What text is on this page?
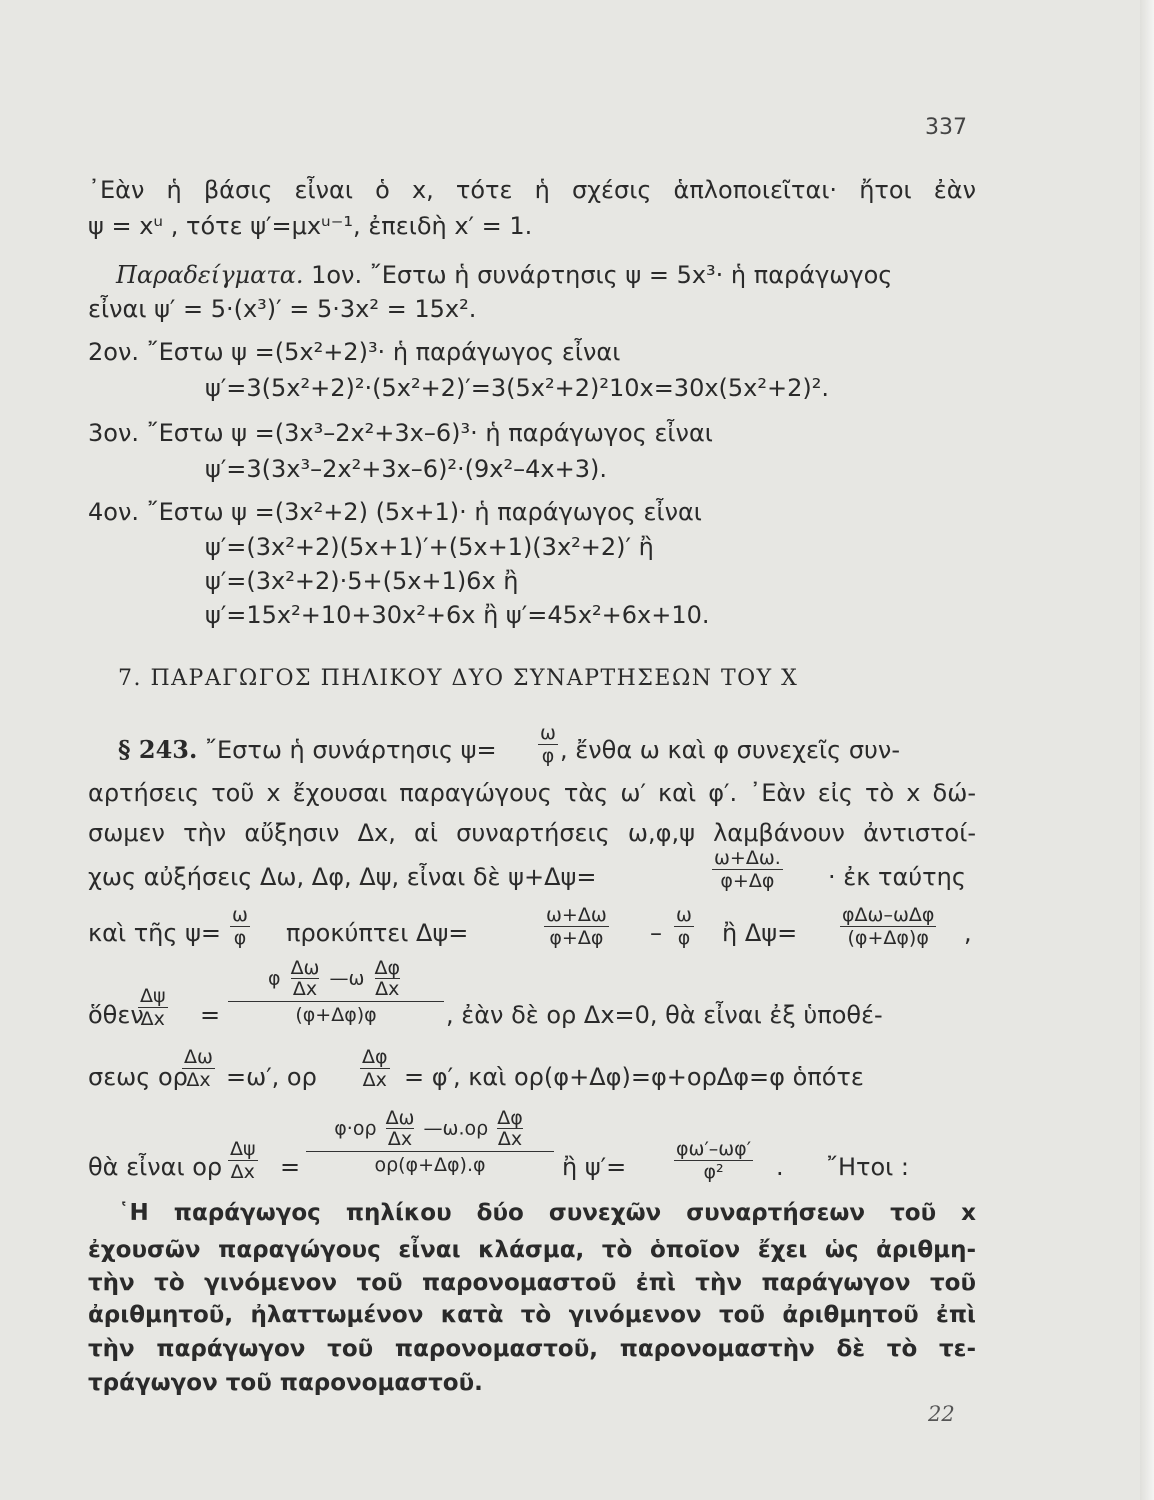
337
᾿Εὰν ἡ βάσις εἶναι ὁ x, τότε ἡ σχέσις ἁπλοποιεῖται· ἤτοι ἐὰν
ψ = xᵘ , τότε ψ′=μxᵘ⁻¹, ἐπειδὴ x′ = 1.
Παραδείγματα. 1ον. ῎Εστω ἡ συνάρτησις ψ = 5x³· ἡ παράγωγος
εἶναι ψ′ = 5·(x³)′ = 5·3x² = 15x².
2ον. ῎Εστω ψ =(5x²+2)³· ἡ παράγωγος εἶναι
ψ′=3(5x²+2)²·(5x²+2)′=3(5x²+2)²10x=30x(5x²+2)².
3ον. ῎Εστω ψ =(3x³–2x²+3x–6)³· ἡ παράγωγος εἶναι
ψ′=3(3x³–2x²+3x–6)²·(9x²–4x+3).
4ον. ῎Εστω ψ =(3x²+2) (5x+1)· ἡ παράγωγος εἶναι
ψ′=(3x²+2)(5x+1)′+(5x+1)(3x²+2)′ ἢ
ψ′=(3x²+2)·5+(5x+1)6x ἢ
ψ′=15x²+10+30x²+6x ἢ ψ′=45x²+6x+10.
7. ΠΑΡΑΓΩΓΟΣ ΠΗΛΙΚΟΥ ΔΥΟ ΣΥΝΑΡΤΗΣΕΩΝ ΤΟΥ Χ
§ 243. ῎Εστω ἡ συνάρτησις $\psi= \frac{\omega}{\varphi}$ , ἔνθα ω καὶ φ συνεχεῖς συν-
αρτήσεις τοῦ x ἔχουσαι παραγώγους τὰς ω′ καὶ φ′. ᾿Εὰν εἰς τὸ x δώ-
σωμεν τὴν αὔξησιν Δx, αἱ συναρτήσεις ω,φ,ψ λαμβάνουν ἀντιστοί-
χως αὐξήσεις Δω, Δφ, Δψ, εἶναι δὲ ψ+Δψ=	$\frac{\omega+\Delta\omega.}{\varphi+\Delta\varphi}$ · ἐκ ταύτης
καὶ τῆς $\psi= \frac{\omega}{\varphi}$ προκύπτει Δψ=	$\frac{\omega+\Delta\omega}{\varphi+\Delta\varphi} - \frac{\omega}{\varphi}$ ἢ Δψ=
φΔω–ωΔφ
(φ+Δφ)φ	,
ὅθεν
$\frac{\Delta\psi}{\Delta x}$ =
φ $\frac{\Delta\omega}{\Delta x}$ —ω $\frac{\Delta\varphi}{\Delta x}$
(φ+Δφ)φ	, ἐὰν δὲ ορ Δx=0, θὰ εἶναι ἐξ ὑποθέ-
σεως ορ
$\frac{\Delta\omega}{\Delta x} =\omega'$, ορ $\frac{\Delta\varphi}{\Delta x} = \varphi'$, καὶ ορ(φ+Δφ)=φ+ορΔφ=φ ὁπότε
θὰ εἶναι ορ $\frac{\Delta\psi}{\Delta x}$ =
$\varphi\cdot o\rho \frac{\Delta\omega}{\Delta x}$ —ω.ορ $\frac{\Delta\varphi}{\Delta x}$
ορ(φ+Δφ).φ	ἢ ψ′=	$\frac{\varphi\omega'-\omega\varphi'}{\text{φ²}}$ . ῎Ητοι :
῾Η παράγωγος πηλίκου δύο συνεχῶν συναρτήσεων τοῦ x
ἐχουσῶν παραγώγους εἶναι κλάσμα, τὸ ὁποῖον ἔχει ὡς ἀριθμη-
τὴν τὸ γινόμενον τοῦ παρονομαστοῦ ἐπὶ τὴν παράγωγον τοῦ
ἀριθμητοῦ, ἠλαττωμένον κατὰ τὸ γινόμενον τοῦ ἀριθμητοῦ ἐπὶ
τὴν παράγωγον τοῦ παρονομαστοῦ, παρονομαστὴν δὲ τὸ τε-
τράγωγον τοῦ παρονομαστοῦ.
22
